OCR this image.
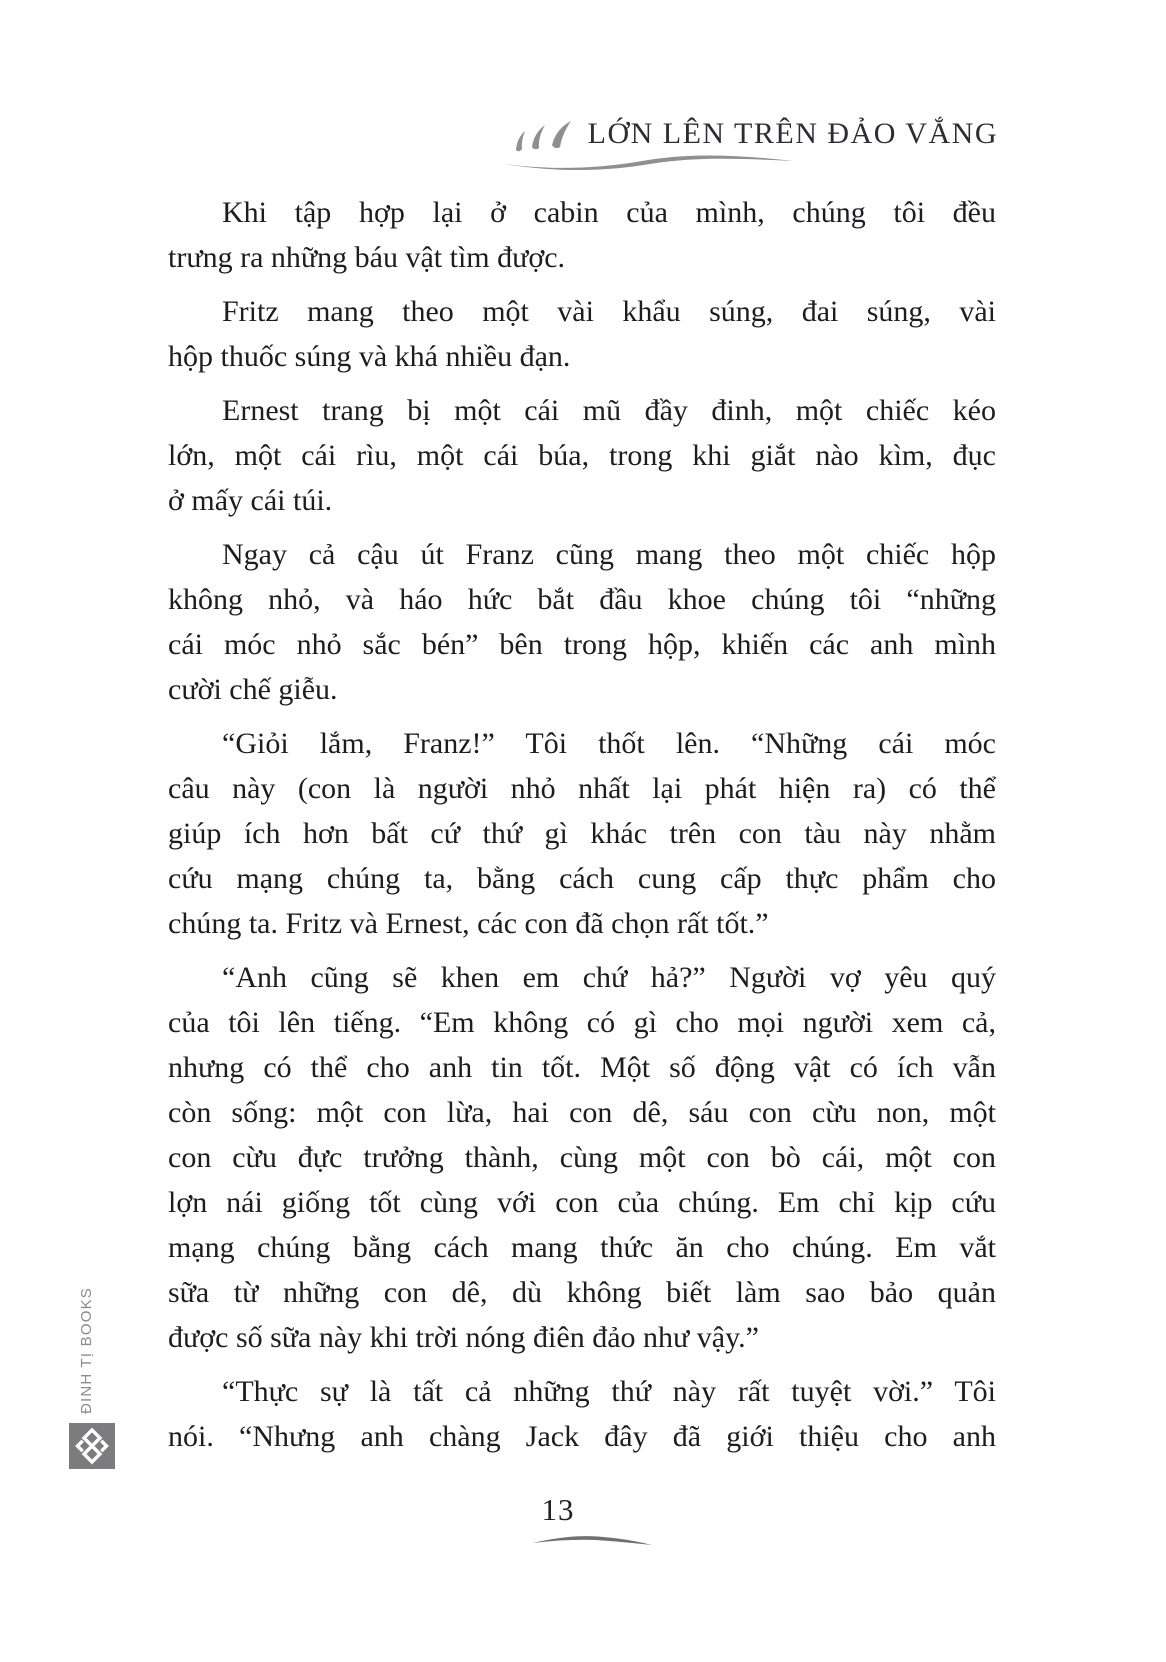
LỚN LÊN TRÊN ĐẢO VẮNG
Khi tập hợp lại ở cabin của mình, chúng tôi đều
trưng ra những báu vật tìm được.
Fritz mang theo một vài khẩu súng, đai súng, vài
hộp thuốc súng và khá nhiều đạn.
Ernest trang bị một cái mũ đầy đinh, một chiếc kéo
lớn, một cái rìu, một cái búa, trong khi giắt nào kìm, đục
ở mấy cái túi.
Ngay cả cậu út Franz cũng mang theo một chiếc hộp
không nhỏ, và háo hức bắt đầu khoe chúng tôi “những
cái móc nhỏ sắc bén” bên trong hộp, khiến các anh mình
cười chế giễu.
“Giỏi lắm, Franz!” Tôi thốt lên. “Những cái móc
câu này (con là người nhỏ nhất lại phát hiện ra) có thể
giúp ích hơn bất cứ thứ gì khác trên con tàu này nhằm
cứu mạng chúng ta, bằng cách cung cấp thực phẩm cho
chúng ta. Fritz và Ernest, các con đã chọn rất tốt.”
“Anh cũng sẽ khen em chứ hả?” Người vợ yêu quý
của tôi lên tiếng. “Em không có gì cho mọi người xem cả,
nhưng có thể cho anh tin tốt. Một số động vật có ích vẫn
còn sống: một con lừa, hai con dê, sáu con cừu non, một
con cừu đực trưởng thành, cùng một con bò cái, một con
lợn nái giống tốt cùng với con của chúng. Em chỉ kịp cứu
mạng chúng bằng cách mang thức ăn cho chúng. Em vắt
sữa từ những con dê, dù không biết làm sao bảo quản
được số sữa này khi trời nóng điên đảo như vậy.”
“Thực sự là tất cả những thứ này rất tuyệt vời.” Tôi
nói. “Nhưng anh chàng Jack đây đã giới thiệu cho anh
ĐINH TỊ BOOKS
13
